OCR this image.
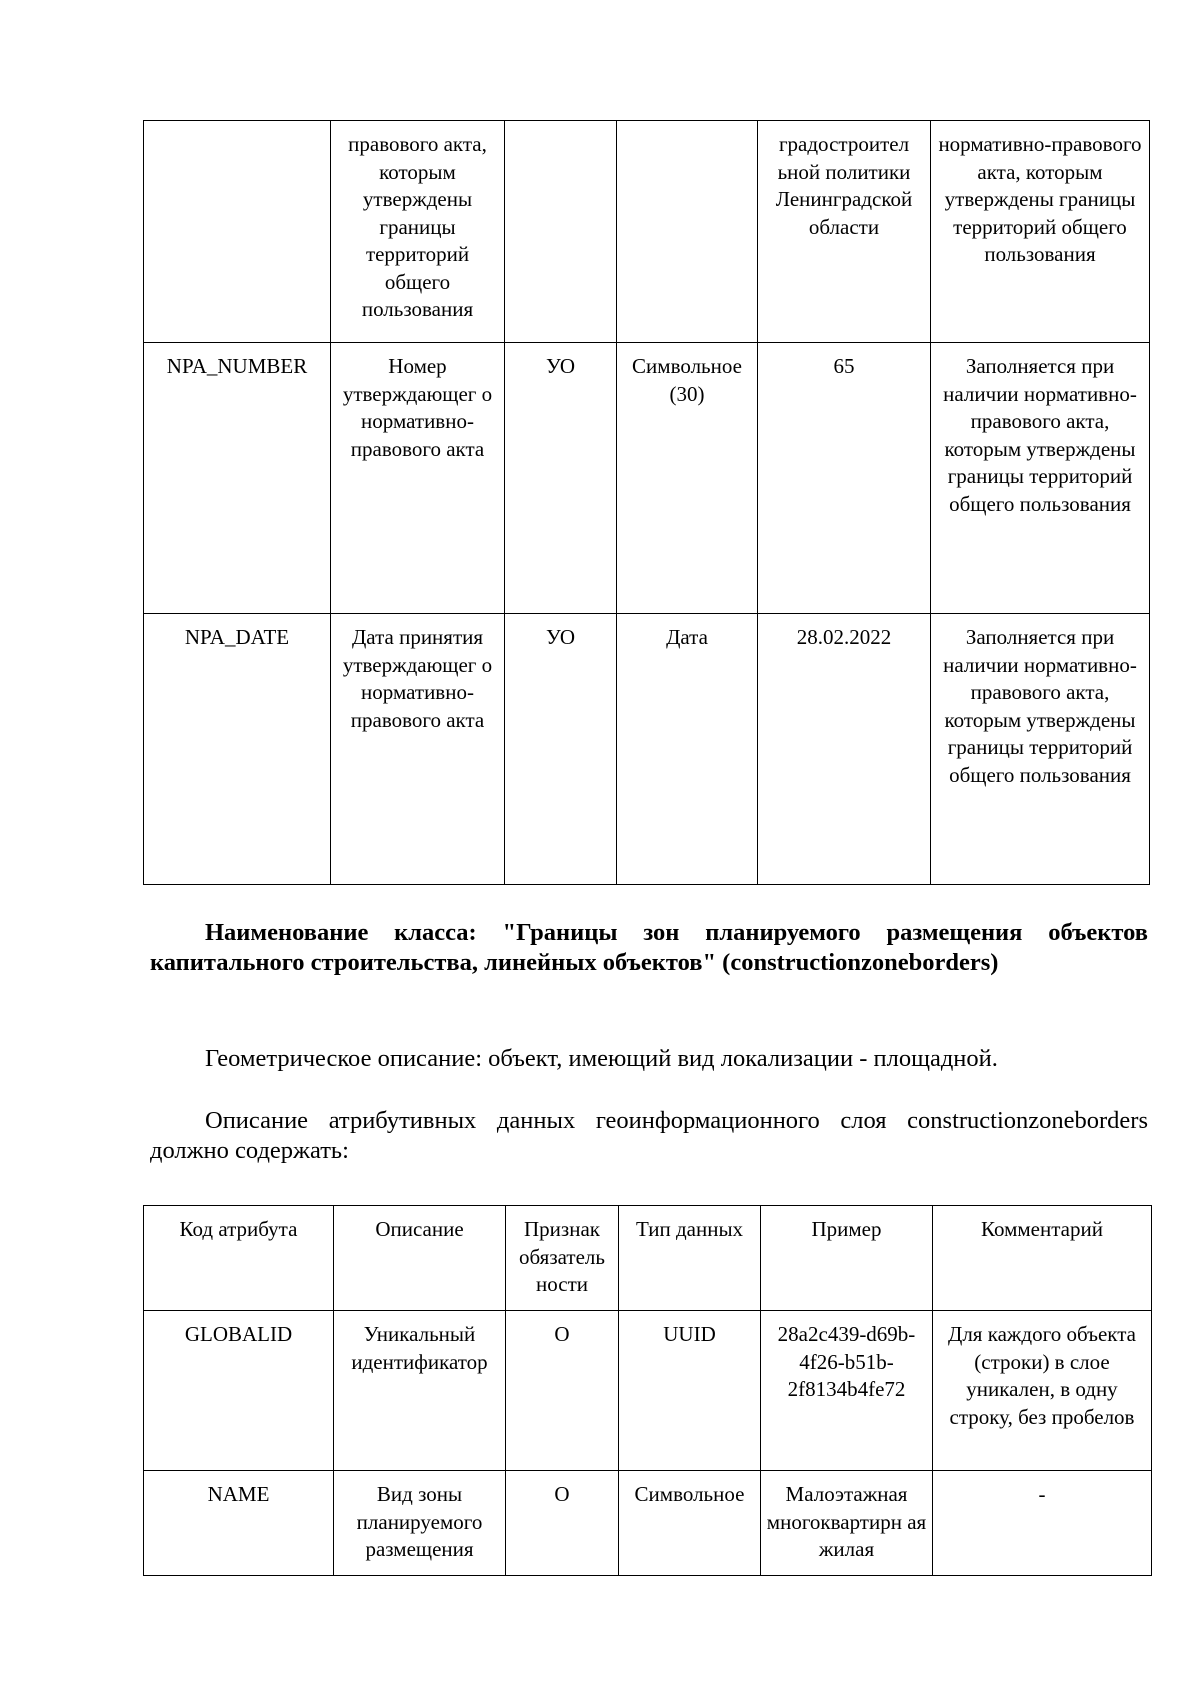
	правового акта, которым утверждены границы территорий общего пользования			градостроител ьной политики Ленинградской области	нормативно-правового акта, которым утверждены границы территорий общего пользования
NPA_NUMBER	Номер утверждающег о нормативно-правового акта	УО	Символьное (30)	65	Заполняется при наличии нормативно-правового акта, которым утверждены границы территорий общего пользования
NPA_DATE	Дата принятия утверждающег о нормативно-правового акта	УО	Дата	28.02.2022	Заполняется при наличии нормативно-правового акта, которым утверждены границы территорий общего пользования

Наименование класса: "Границы зон планируемого размещения объектов капитального строительства, линейных объектов" (constructionzoneborders)

Геометрическое описание: объект, имеющий вид локализации - площадной.

Описание атрибутивных данных геоинформационного слоя constructionzoneborders должно содержать:

Код атрибута	Описание	Признак обязатель ности	Тип данных	Пример	Комментарий
GLOBALID	Уникальный идентификатор	О	UUID	28a2c439-d69b-4f26-b51b-2f8134b4fe72	Для каждого объекта (строки) в слое уникален, в одну строку, без пробелов
NAME	Вид зоны планируемого размещения	О	Символьное	Малоэтажная многоквартирн ая жилая	-
